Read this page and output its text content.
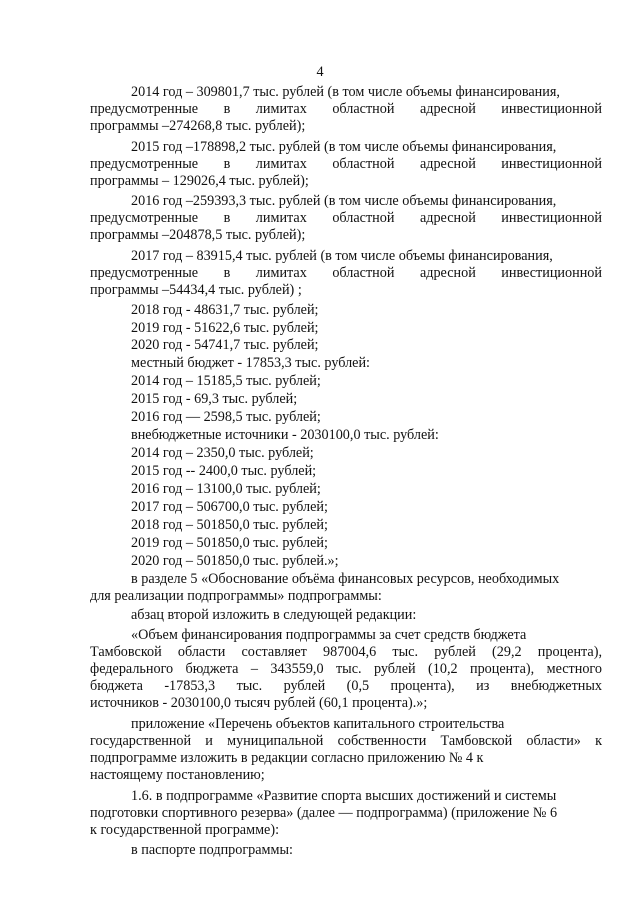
4
2014 год – 309801,7 тыс. рублей (в том числе объемы финансирования,
предусмотренные в лимитах областной адресной инвестиционной
программы –274268,8 тыс. рублей);
2015 год –178898,2 тыс. рублей (в том числе объемы финансирования,
предусмотренные в лимитах областной адресной инвестиционной
программы – 129026,4 тыс. рублей);
2016 год –259393,3 тыс. рублей (в том числе объемы финансирования,
предусмотренные в лимитах областной адресной инвестиционной
программы –204878,5 тыс. рублей);
2017 год – 83915,4 тыс. рублей (в том числе объемы финансирования,
предусмотренные в лимитах областной адресной инвестиционной
программы –54434,4 тыс. рублей) ;
2018 год - 48631,7 тыс. рублей;
2019 год - 51622,6 тыс. рублей;
2020 год - 54741,7 тыс. рублей;
местный бюджет - 17853,3 тыс. рублей:
2014 год – 15185,5 тыс. рублей;
2015 год - 69,3 тыс. рублей;
2016 год — 2598,5 тыс. рублей;
внебюджетные источники - 2030100,0 тыс. рублей:
2014 год – 2350,0 тыс. рублей;
2015 год -- 2400,0 тыс. рублей;
2016 год – 13100,0 тыс. рублей;
2017 год – 506700,0 тыс. рублей;
2018 год – 501850,0 тыс. рублей;
2019 год – 501850,0 тыс. рублей;
2020 год – 501850,0 тыс. рублей.»;
в разделе 5 «Обоснование объёма финансовых ресурсов, необходимых
для реализации подпрограммы» подпрограммы:
абзац второй изложить в следующей редакции:
«Объем финансирования подпрограммы за счет средств бюджета
Тамбовской области составляет 987004,6 тыс. рублей (29,2 процента),
федерального бюджета – 343559,0 тыс. рублей (10,2 процента), местного
бюджета -17853,3 тыс. рублей (0,5 процента), из внебюджетных
источников - 2030100,0 тысяч рублей (60,1 процента).»;
приложение «Перечень объектов капитального строительства
государственной и муниципальной собственности Тамбовской области» к
подпрограмме изложить в редакции согласно приложению № 4 к
настоящему постановлению;
1.6. в подпрограмме «Развитие спорта высших достижений и системы
подготовки спортивного резерва» (далее — подпрограмма) (приложение № 6
к государственной программе):
в паспорте подпрограммы:
